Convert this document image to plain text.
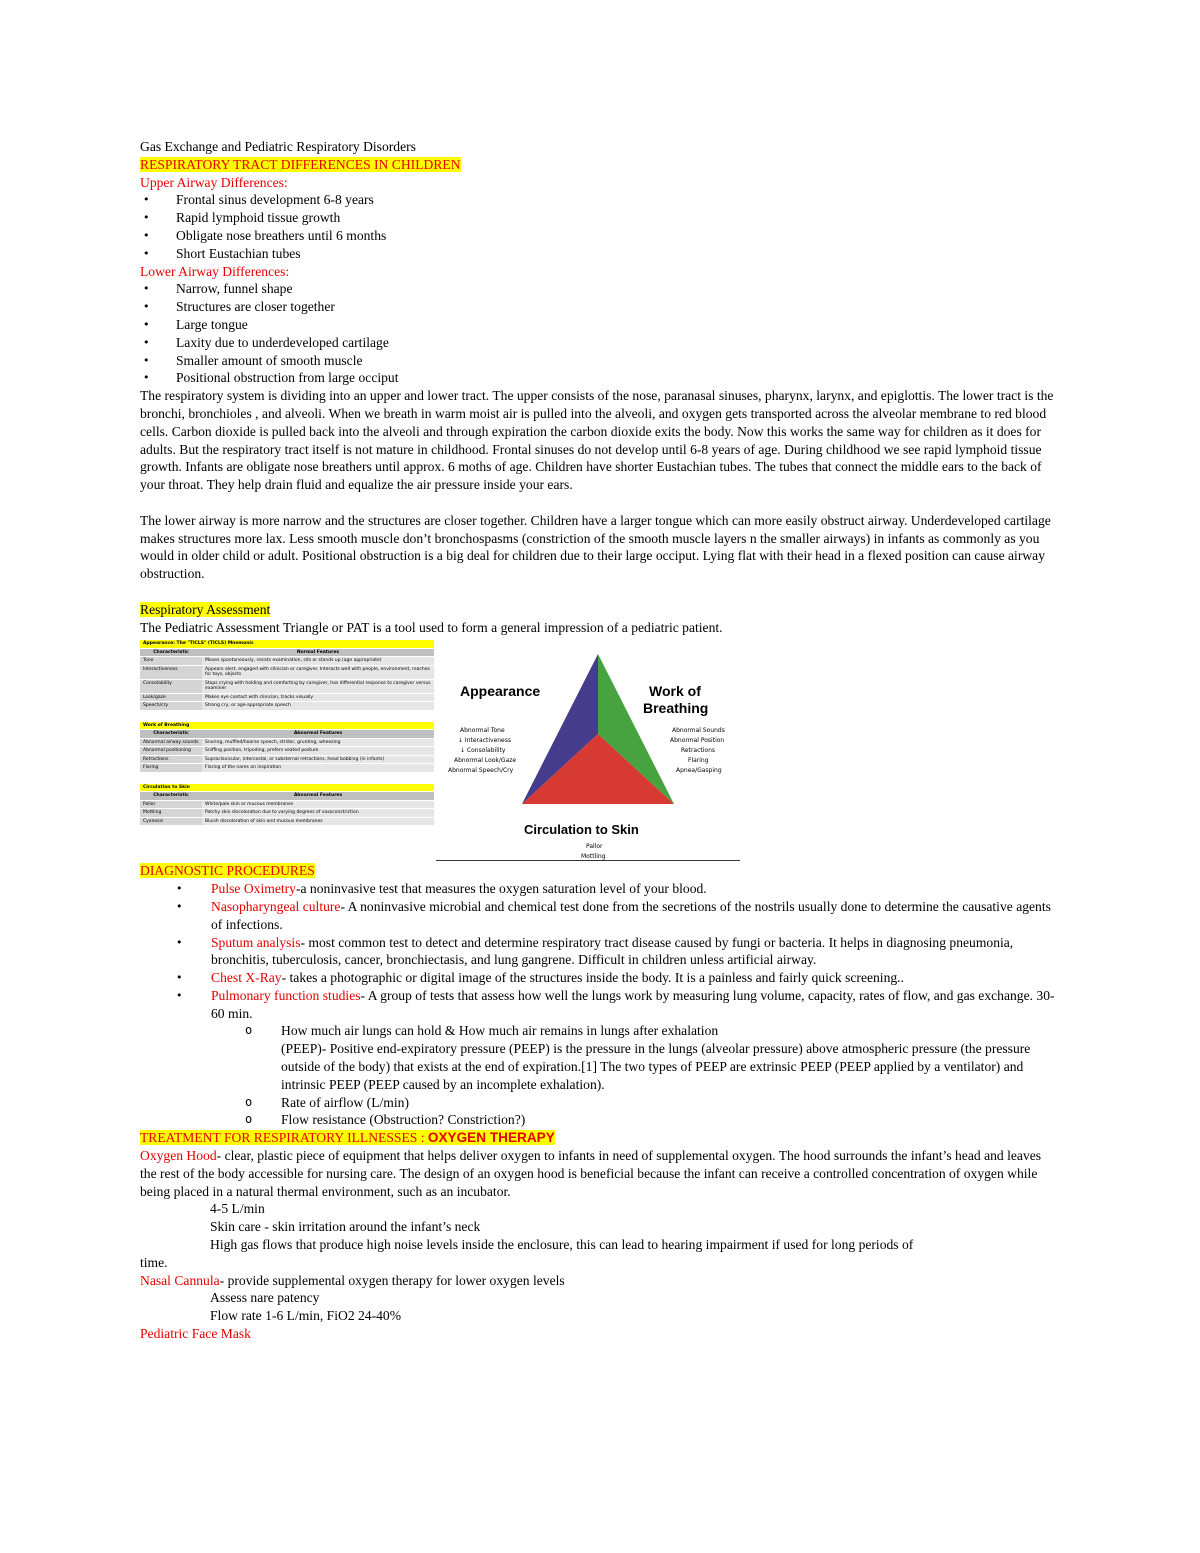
Gas Exchange and Pediatric Respiratory Disorders

RESPIRATORY TRACT DIFFERENCES IN CHILDREN

Upper Airway Differences:

• Frontal sinus development 6-8 years
• Rapid lymphoid tissue growth
• Obligate nose breathers until 6 months
• Short Eustachian tubes

Lower Airway Differences:

• Narrow, funnel shape
• Structures are closer together
• Large tongue
• Laxity due to underdeveloped cartilage
• Smaller amount of smooth muscle
• Positional obstruction from large occiput

The respiratory system is dividing into an upper and lower tract. The upper consists of the nose, paranasal sinuses, pharynx, larynx, and epiglottis. The lower tract is the bronchi, bronchioles , and alveoli. When we breath in warm moist air is pulled into the alveoli, and oxygen gets transported across the alveolar membrane to red blood cells. Carbon dioxide is pulled back into the alveoli and through expiration the carbon dioxide exits the body. Now this works the same way for children as it does for adults. But the respiratory tract itself is not mature in childhood. Frontal sinuses do not develop until 6-8 years of age. During childhood we see rapid lymphoid tissue growth. Infants are obligate nose breathers until approx. 6 moths of age. Children have shorter Eustachian tubes. The tubes that connect the middle ears to the back of your throat. They help drain fluid and equalize the air pressure inside your ears.

The lower airway is more narrow and the structures are closer together. Children have a larger tongue which can more easily obstruct airway. Underdeveloped cartilage makes structures more lax. Less smooth muscle don’t bronchospasms (constriction of the smooth muscle layers n the smaller airways) in infants as commonly as you would in older child or adult. Positional obstruction is a big deal for children due to their large occiput. Lying flat with their head in a flexed position can cause airway obstruction.

Respiratory Assessment

The Pediatric Assessment Triangle or PAT is a tool used to form a general impression of a pediatric patient.

Appearance: The "TICLS" (TICLS) Mnemonic	
Characteristic	Normal Features
Tone	Moves spontaneously, resists examination, sits or stands up (age appropriate)
Interactiveness	Appears alert, engaged with clinician or caregiver. Interacts well with people, environment, reaches for toys, objects
Consolability	Stops crying with holding and comforting by caregiver, has differential response to caregiver versus examiner
Look/gaze	Makes eye contact with clinician, tracks visually
Speech/cry	Strong cry, or age-appropriate speech
Work of Breathing	
Characteristic	Abnormal Features
Abnormal airway sounds	Snoring, muffled/hoarse speech, stridor, grunting, wheezing
Abnormal positioning	Sniffing position, tripoding, prefers seated posture
Retractions	Supraclavicular, intercostal, or substernal retractions, head bobbing (in infants)
Flaring	Flaring of the nares on inspiration
Circulation to Skin	
Characteristic	Abnormal Features
Pallor	White/pale skin or mucous membranes
Mottling	Patchy skin discoloration due to varying degrees of vasoconstriction
Cyanosis	Bluish discoloration of skin and mucous membranes
Appearance	Work of
Breathing
Circulation to Skin
Abnormal Tone
↓ Interactiveness
↓ Consolability
Abnormal Look/Gaze
Abnormal Speech/Cry
Abnormal Sounds
Abnormal Position
Retractions
Flaring
Apnea/Gasping
Pallor
Mottling

DIAGNOSTIC PROCEDURES

• Pulse Oximetry-a noninvasive test that measures the oxygen saturation level of your blood.
• Nasopharyngeal culture- A noninvasive microbial and chemical test done from the secretions of the nostrils usually done to determine the causative agents of infections.
• Sputum analysis- most common test to detect and determine respiratory tract disease caused by fungi or bacteria. It helps in diagnosing pneumonia, bronchitis, tuberculosis, cancer, bronchiectasis, and lung gangrene. Difficult in children unless artificial airway.
• Chest X-Ray- takes a photographic or digital image of the structures inside the body. It is a painless and fairly quick screening..
• Pulmonary function studies- A group of tests that assess how well the lungs work by measuring lung volume, capacity, rates of flow, and gas exchange. 30-60 min.
o How much air lungs can hold & How much air remains in lungs after exhalation

(PEEP)- Positive end-expiratory pressure (PEEP) is the pressure in the lungs (alveolar pressure) above atmospheric pressure (the pressure outside of the body) that exists at the end of expiration.[1] The two types of PEEP are extrinsic PEEP (PEEP applied by a ventilator) and intrinsic PEEP (PEEP caused by an incomplete exhalation).

o Rate of airflow (L/min)
o Flow resistance (Obstruction? Constriction?)

TREATMENT FOR RESPIRATORY ILLNESSES : OXYGEN THERAPY

Oxygen Hood- clear, plastic piece of equipment that helps deliver oxygen to infants in need of supplemental oxygen. The hood surrounds the infant’s head and leaves the rest of the body accessible for nursing care. The design of an oxygen hood is beneficial because the infant can receive a controlled concentration of oxygen while being placed in a natural thermal environment, such as an incubator.

4-5 L/min

Skin care - skin irritation around the infant’s neck

High gas flows that produce high noise levels inside the enclosure, this can lead to hearing impairment if used for long periods of

time.

Nasal Cannula- provide supplemental oxygen therapy for lower oxygen levels

Assess nare patency

Flow rate 1-6 L/min, FiO2 24-40%

Pediatric Face Mask
